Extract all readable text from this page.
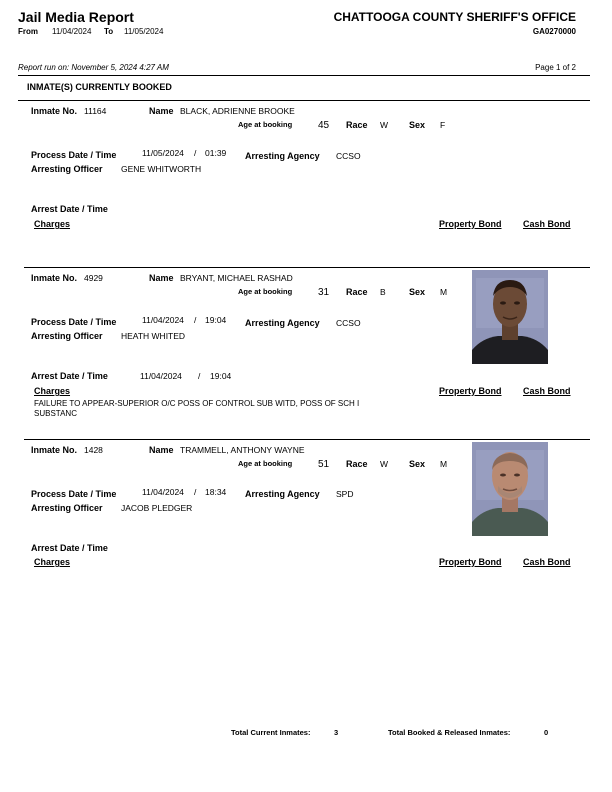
Jail Media Report
From 11/04/2024 To 11/05/2024
CHATTOOGA COUNTY SHERIFF'S OFFICE
GA0270000
Report run on: November 5, 2024 4:27 AM	Page 1 of 2
INMATE(S) CURRENTLY BOOKED
Inmate No. 11164	Name BLACK, ADRIENNE BROOKE
Age at booking	45 Race W Sex F
Process Date / Time	11/05/2024 / 01:39 Arresting Agency CCSO
Arresting Officer GENE WHITWORTH
Arrest Date / Time
Charges	Property Bond Cash Bond
Inmate No. 4929	Name BRYANT, MICHAEL RASHAD
Age at booking	31 Race B	Sex M
Process Date / Time	11/04/2024 / 19:04 Arresting Agency CCSO
Arresting Officer HEATH WHITED
Arrest Date / Time	11/04/2024 / 19:04
Charges	Property Bond Cash Bond
FAILURE TO APPEAR-SUPERIOR O/C POSS OF CONTROL SUB WITD, POSS OF SCH I
SUBSTANC
Inmate No. 1428	Name TRAMMELL, ANTHONY WAYNE
Age at booking	51 Race W Sex M
Process Date / Time	11/04/2024 / 18:34 Arresting Agency SPD
Arresting Officer JACOB PLEDGER
Arrest Date / Time
Charges	Property Bond Cash Bond
Total Current Inmates:	3	Total Booked & Released Inmates:	0
